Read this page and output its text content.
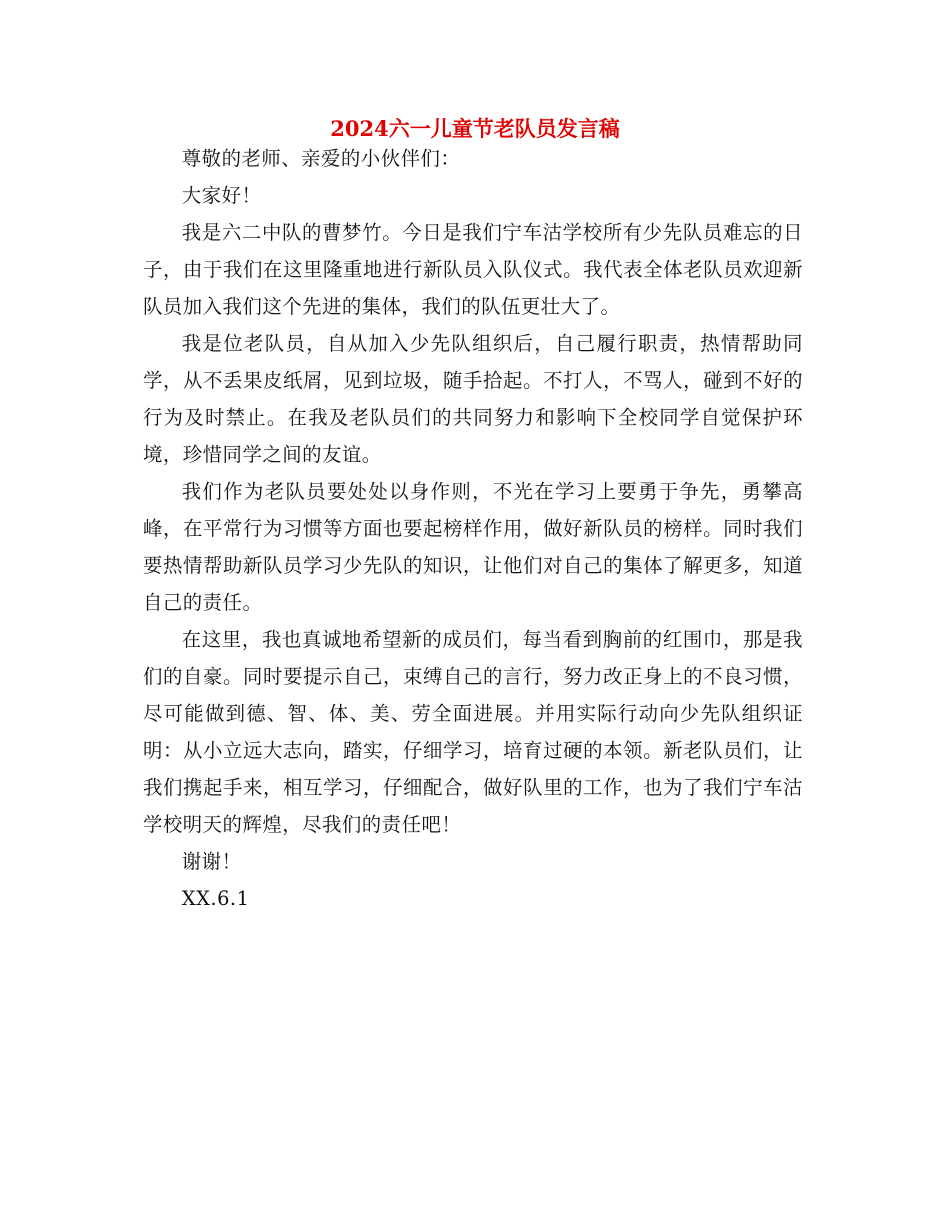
2024六一儿童节老队员发言稿

尊敬的老师、亲爱的小伙伴们：

大家好！

我是六二中队的曹梦竹。今日是我们宁车沽学校所有少先队员难忘的日子，由于我们在这里隆重地进行新队员入队仪式。我代表全体老队员欢迎新队员加入我们这个先进的集体，我们的队伍更壮大了。

我是位老队员，自从加入少先队组织后，自己履行职责，热情帮助同学，从不丢果皮纸屑，见到垃圾，随手拾起。不打人，不骂人，碰到不好的行为及时禁止。在我及老队员们的共同努力和影响下全校同学自觉保护环境，珍惜同学之间的友谊。

我们作为老队员要处处以身作则，不光在学习上要勇于争先，勇攀高峰，在平常行为习惯等方面也要起榜样作用，做好新队员的榜样。同时我们要热情帮助新队员学习少先队的知识，让他们对自己的集体了解更多，知道自己的责任。

在这里，我也真诚地希望新的成员们，每当看到胸前的红围巾，那是我们的自豪。同时要提示自己，束缚自己的言行，努力改正身上的不良习惯，尽可能做到德、智、体、美、劳全面进展。并用实际行动向少先队组织证明：从小立远大志向，踏实，仔细学习，培育过硬的本领。新老队员们，让我们携起手来，相互学习，仔细配合，做好队里的工作，也为了我们宁车沽学校明天的辉煌，尽我们的责任吧！

谢谢！

XX.6.1
